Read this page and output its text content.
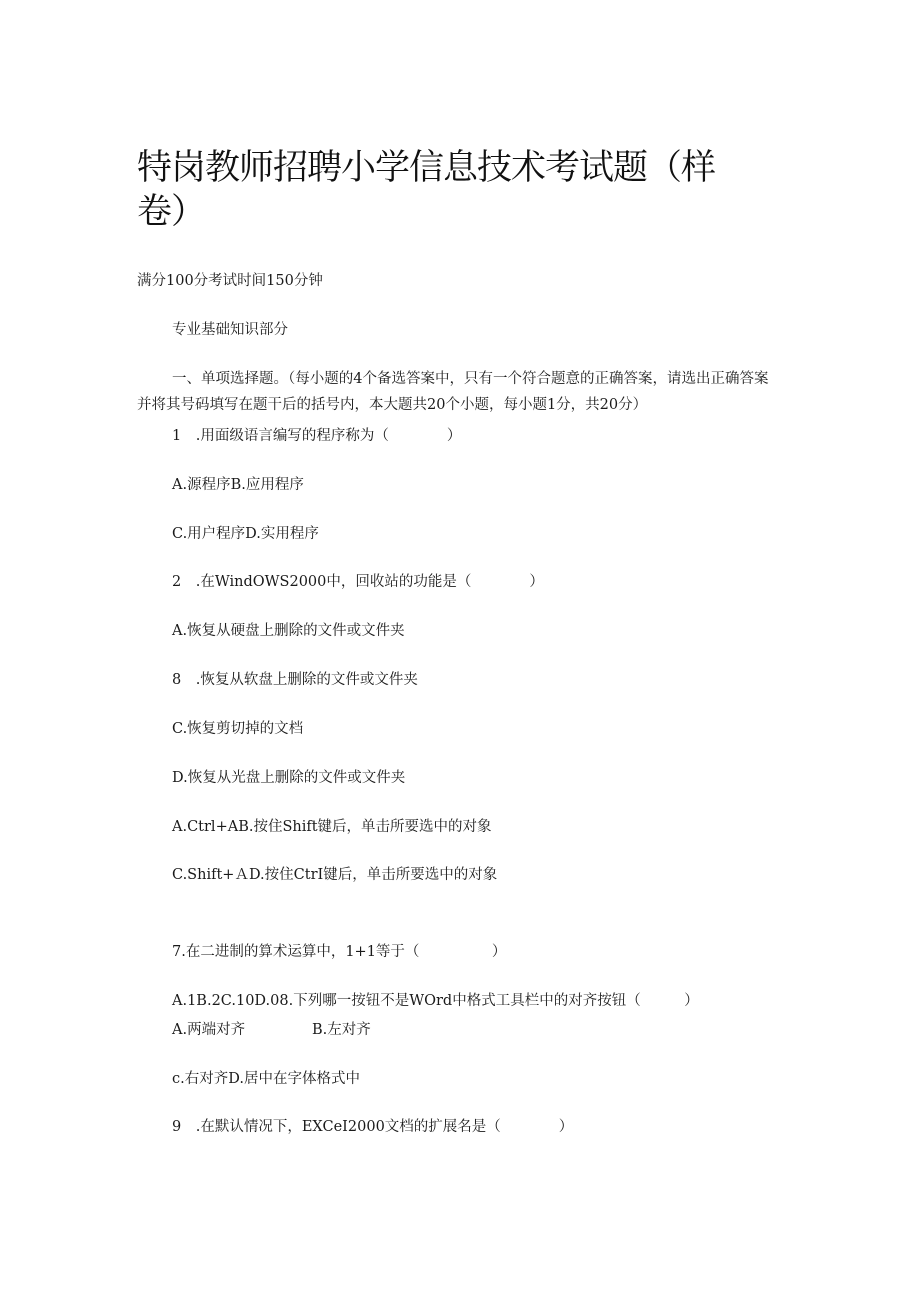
特岗教师招聘小学信息技术考试题（样卷）

满分100分考试时间150分钟

专业基础知识部分

一、单项选择题。（每小题的4个备选答案中，只有一个符合题意的正确答案，请选出正确答案并将其号码填写在题干后的括号内，本大题共20个小题，每小题1分，共20分）

1　.用面级语言编写的程序称为（　　　　）

A.源程序B.应用程序

C.用户程序D.实用程序

2　.在WindOWS2000中，回收站的功能是（　　　　）

A.恢复从硬盘上删除的文件或文件夹

8　.恢复从软盘上删除的文件或文件夹

C.恢复剪切掉的文档

D.恢复从光盘上删除的文件或文件夹

A.Ctrl+AB.按住Shift键后，单击所要选中的对象

C.Shift+ＡD.按住CtrI键后，单击所要选中的对象

7.在二进制的算术运算中，1+1等于（　　　　　）

A.1B.2C.10D.08.下列哪一按钮不是WOrd中格式工具栏中的对齐按钮（　　　）

A.两端对齐	B.左对齐

c.右对齐D.居中在字体格式中

9　.在默认情况下，EXCeI2000文档的扩展名是（　　　　）
